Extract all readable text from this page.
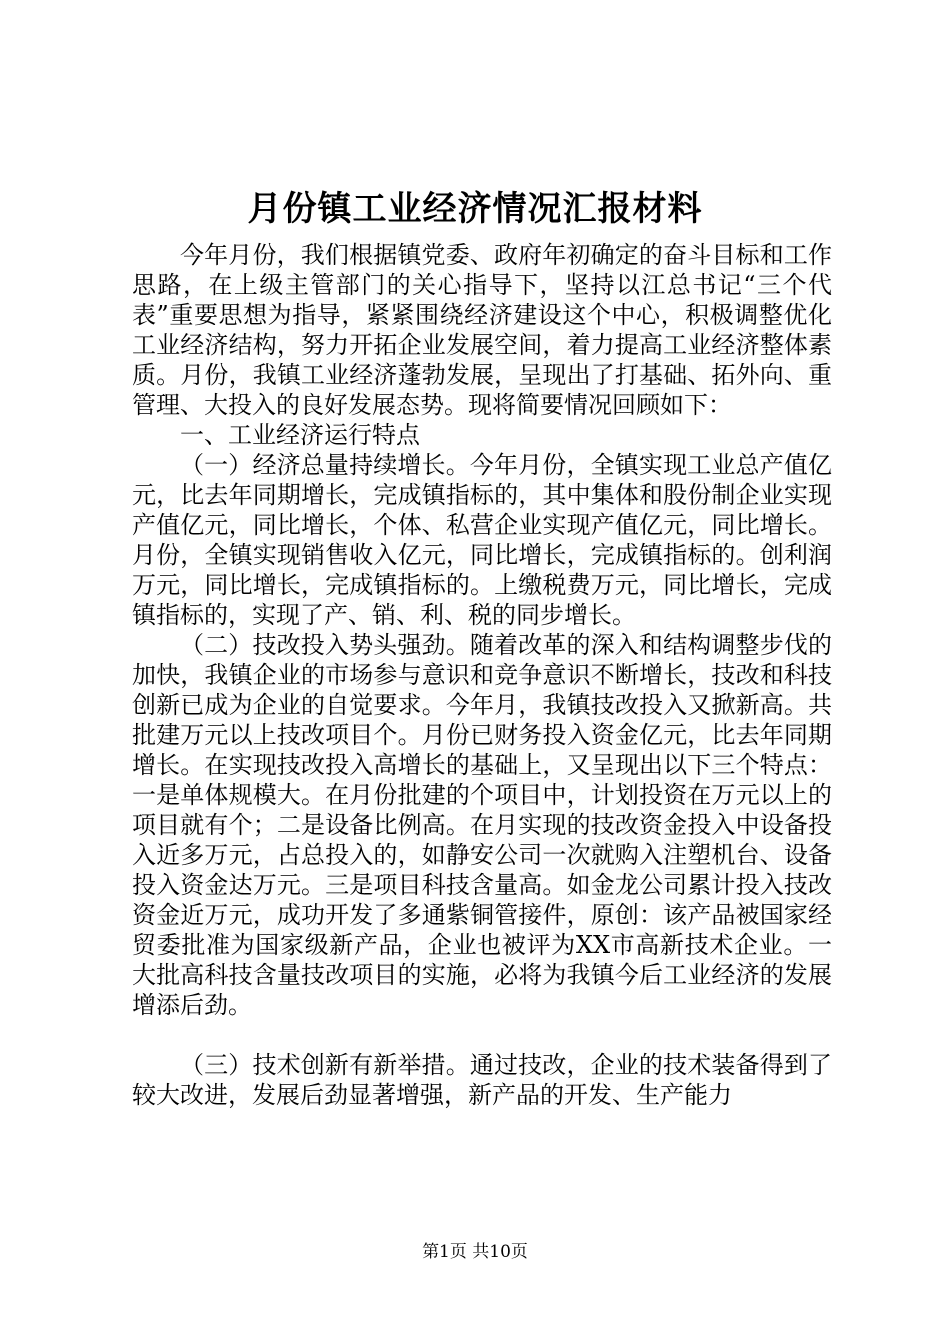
月份镇工业经济情况汇报材料

今年月份，我们根据镇党委、政府年初确定的奋斗目标和工作思路，在上级主管部门的关心指导下，坚持以江总书记“三个代表”重要思想为指导，紧紧围绕经济建设这个中心，积极调整优化工业经济结构，努力开拓企业发展空间，着力提高工业经济整体素质。月份，我镇工业经济蓬勃发展，呈现出了打基础、拓外向、重管理、大投入的良好发展态势。现将简要情况回顾如下：

一、工业经济运行特点

（一）经济总量持续增长。今年月份，全镇实现工业总产值亿元，比去年同期增长，完成镇指标的，其中集体和股份制企业实现产值亿元，同比增长，个体、私营企业实现产值亿元，同比增长。月份，全镇实现销售收入亿元，同比增长，完成镇指标的。创利润万元，同比增长，完成镇指标的。上缴税费万元，同比增长，完成镇指标的，实现了产、销、利、税的同步增长。

（二）技改投入势头强劲。随着改革的深入和结构调整步伐的加快，我镇企业的市场参与意识和竞争意识不断增长，技改和科技创新已成为企业的自觉要求。今年月，我镇技改投入又掀新高。共批建万元以上技改项目个。月份已财务投入资金亿元，比去年同期增长。在实现技改投入高增长的基础上，又呈现出以下三个特点：一是单体规模大。在月份批建的个项目中，计划投资在万元以上的项目就有个；二是设备比例高。在月实现的技改资金投入中设备投入近多万元，占总投入的，如静安公司一次就购入注塑机台、设备投入资金达万元。三是项目科技含量高。如金龙公司累计投入技改资金近万元，成功开发了多通紫铜管接件，原创：该产品被国家经贸委批准为国家级新产品，企业也被评为XX市高新技术企业。一大批高科技含量技改项目的实施，必将为我镇今后工业经济的发展增添后劲。

（三）技术创新有新举措。通过技改，企业的技术装备得到了较大改进，发展后劲显著增强，新产品的开发、生产能力

第1页 共10页
